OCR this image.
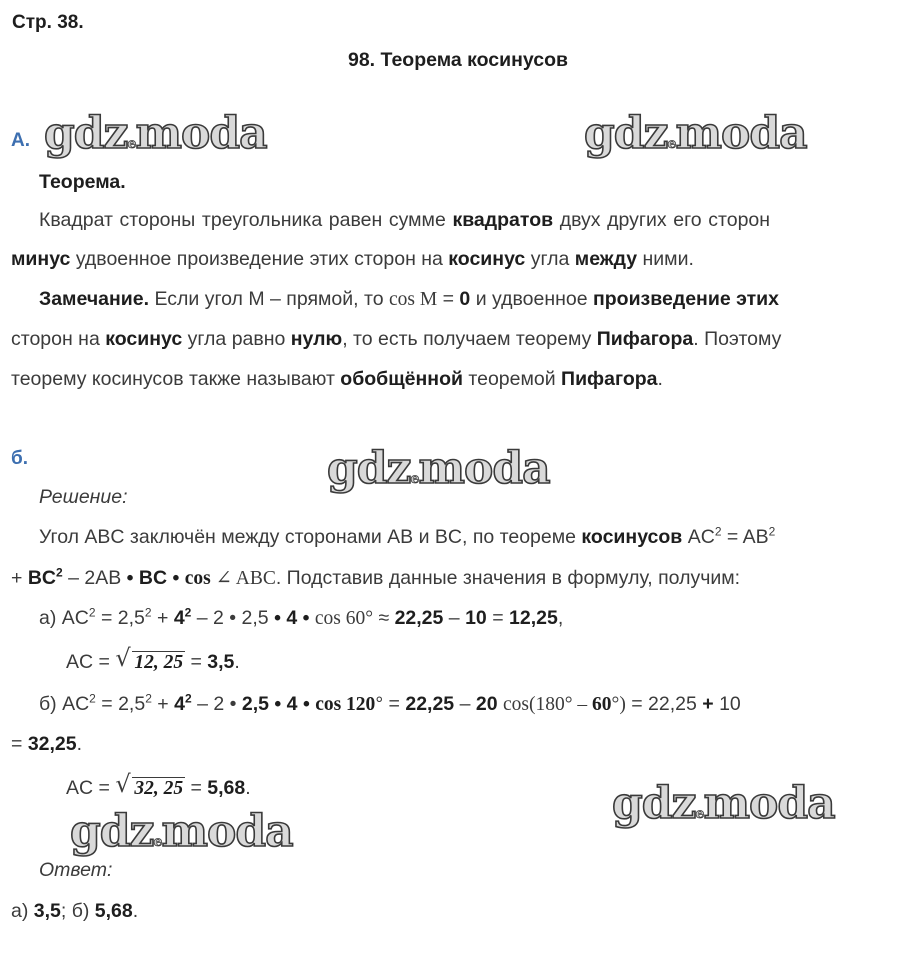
Стр. 38.
98. Теорема косинусов
gdzemoda	gdzemoda
gdzemoda
gdzemoda
gdzemoda
А.
Теорема.
Квадрат стороны треугольника равен сумме квадратов двух других его сторон
минус удвоенное произведение этих сторон на косинус угла между ними.
Замечание. Если угол М – прямой, то cos M = 0 и удвоенное произведение этих
сторон на косинус угла равно нулю, то есть получаем теорему Пифагора. Поэтому
теорему косинусов также называют обобщённой теоремой Пифагора.
б.
Решение:
Угол ABC заключён между сторонами AB и BC, по теореме косинусов $AC^2 = AB^2$
+ $BC^2 - 2AB$ • BC • cos ∠ ABC. Подставив данные значения в формулу, получим:
а) $AC^2 = 2,5^2 + 4^2 - 2$ • 2,5 • 4 • cos 60° ≈ 22,25 – 10 = 12,25,
AC = √ 12, 25 = 3,5.
б) $AC^2 = 2,5^2 + 4^2 - 2$ • 2,5 • 4 • cos 120° = 22,25 – 20 cos(180° – 60°) = 22,25 + 10
= 32,25.
AC = √ 32, 25 = 5,68.
Ответ:
а) 3,5; б) 5,68.
